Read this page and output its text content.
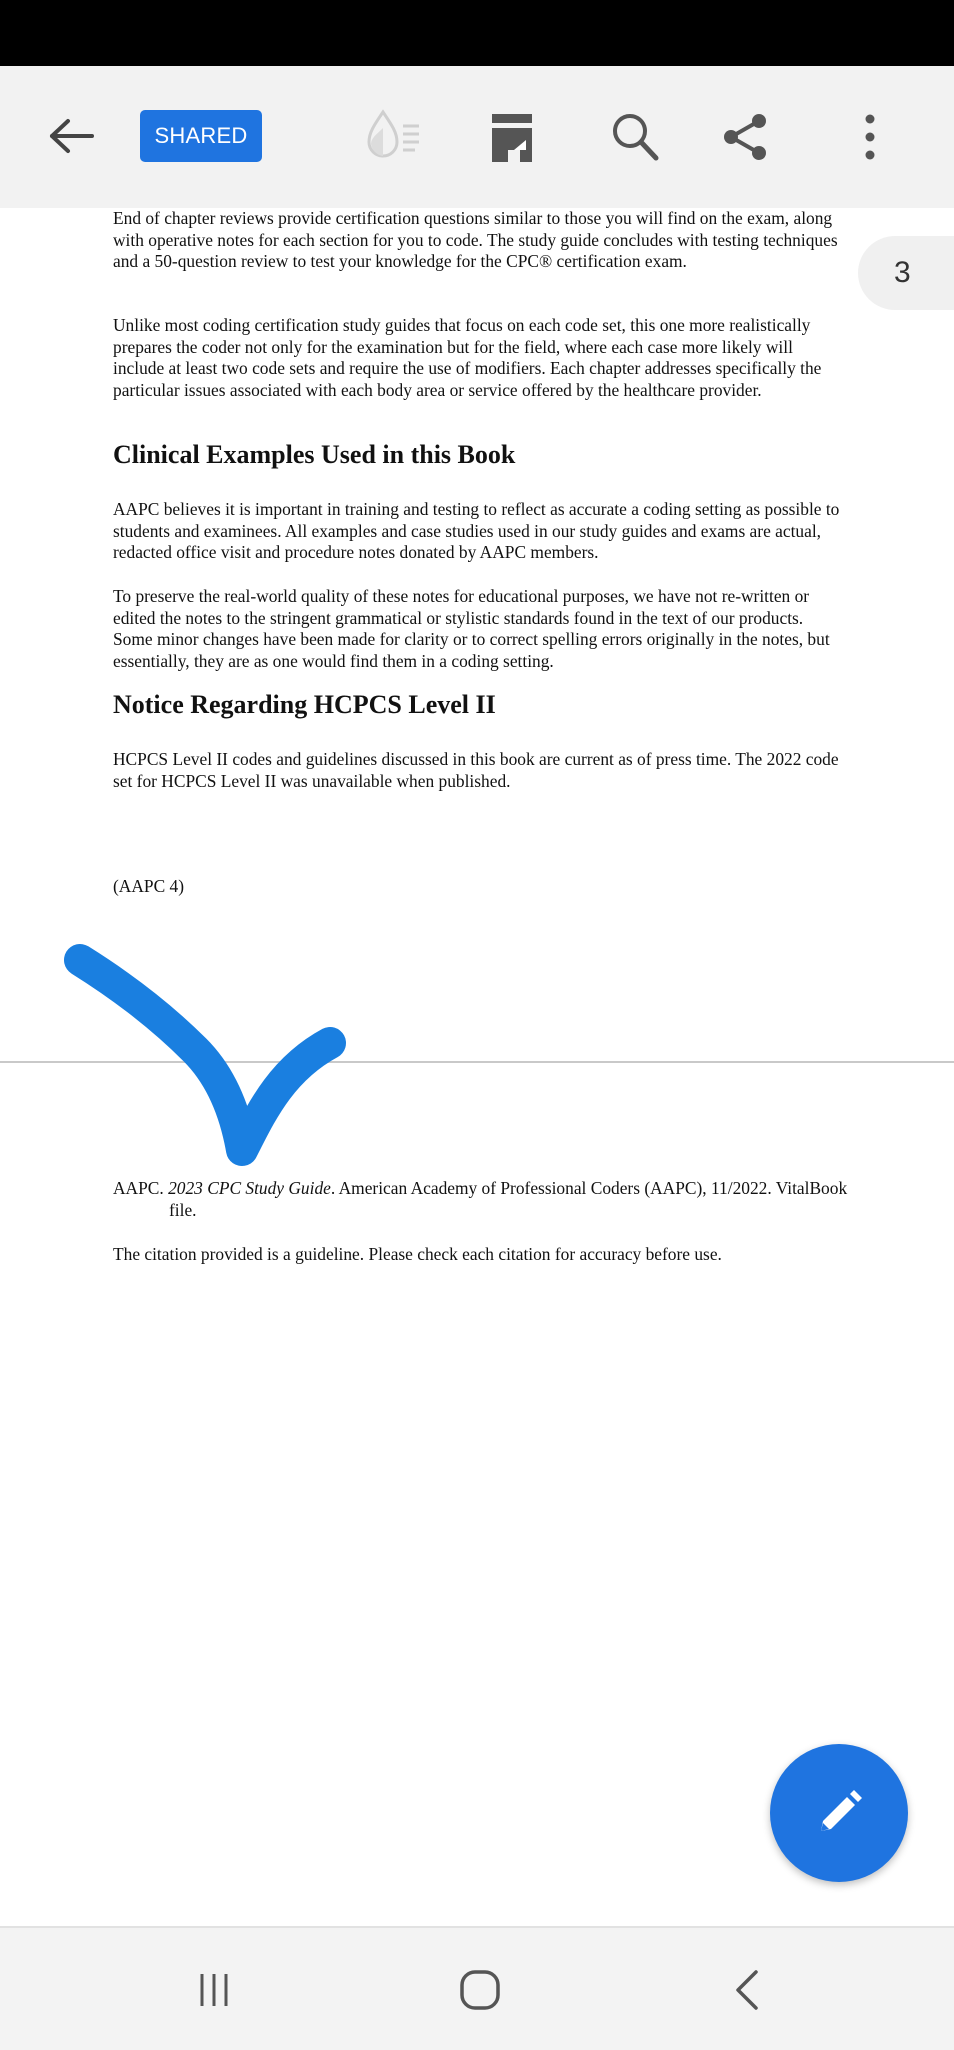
SHARED
3

End of chapter reviews provide certification questions similar to those you will find on the exam, along with operative notes for each section for you to code. The study guide concludes with testing techniques and a 50-question review to test your knowledge for the CPC® certification exam.

Unlike most coding certification study guides that focus on each code set, this one more realistically prepares the coder not only for the examination but for the field, where each case more likely will include at least two code sets and require the use of modifiers. Each chapter addresses specifically the particular issues associated with each body area or service offered by the healthcare provider.

Clinical Examples Used in this Book

AAPC believes it is important in training and testing to reflect as accurate a coding setting as possible to students and examinees. All examples and case studies used in our study guides and exams are actual, redacted office visit and procedure notes donated by AAPC members.

To preserve the real-world quality of these notes for educational purposes, we have not re-written or edited the notes to the stringent grammatical or stylistic standards found in the text of our products. Some minor changes have been made for clarity or to correct spelling errors originally in the notes, but essentially, they are as one would find them in a coding setting.

Notice Regarding HCPCS Level II

HCPCS Level II codes and guidelines discussed in this book are current as of press time. The 2022 code set for HCPCS Level II was unavailable when published.

(AAPC 4)

AAPC. 2023 CPC Study Guide. American Academy of Professional Coders (AAPC), 11/2022. VitalBook file.
The citation provided is a guideline. Please check each citation for accuracy before use.
